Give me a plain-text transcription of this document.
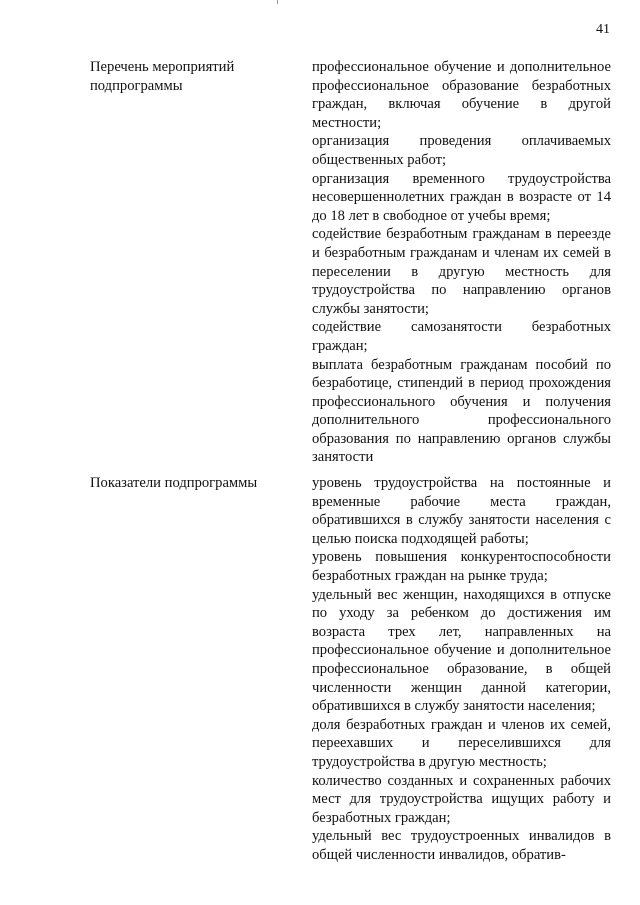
41
Перечень мероприятий подпрограммы

профессиональное обучение и дополнительное профессиональное образование безработных граждан, включая обучение в другой местности;

организация проведения оплачиваемых общественных работ;

организация временного трудоустройства несовершеннолетних граждан в возрасте от 14 до 18 лет в свободное от учебы время;

содействие безработным гражданам в переезде и безработным гражданам и членам их семей в переселении в другую местность для трудоустройства по направлению органов службы занятости;

содействие самозанятости безработных граждан;

выплата безработным гражданам пособий по безработице, стипендий в период прохождения профессионального обучения и получения дополнительного профессионального образования по направлению органов службы занятости

Показатели подпрограммы	уровень трудоустройства на постоянные и временные рабочие места граждан, обратившихся в службу занятости населения с целью поиска подходящей работы;

уровень повышения конкурентоспособности безработных граждан на рынке труда;

удельный вес женщин, находящихся в отпуске по уходу за ребенком до достижения им возраста трех лет, направленных на профессиональное обучение и дополнительное профессиональное образование, в общей численности женщин данной категории, обратившихся в службу занятости населения;

доля безработных граждан и членов их семей, переехавших и переселившихся для трудоустройства в другую местность;

количество созданных и сохраненных рабочих мест для трудоустройства ищущих работу и безработных граждан;

удельный вес трудоустроенных инвалидов в общей численности инвалидов, обратив-
